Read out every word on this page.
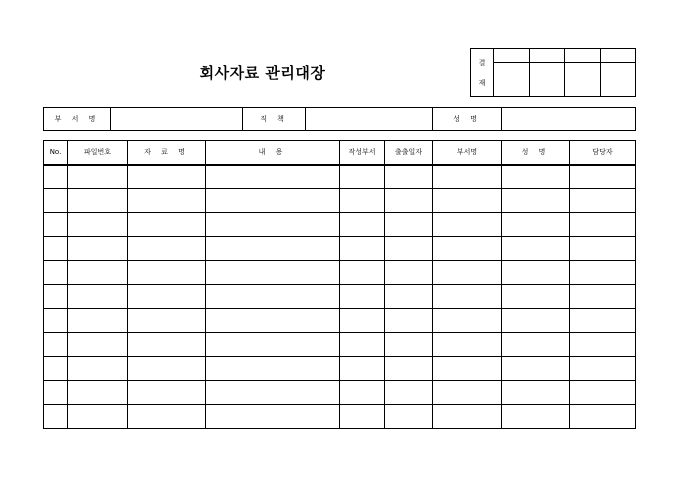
회사자료 관리대장
결
재				

부 서 명		직 책		성 명	
No.	파일번호	자 료 명	내 용	작성부서	출출일자	부서명	성 명	담당자
